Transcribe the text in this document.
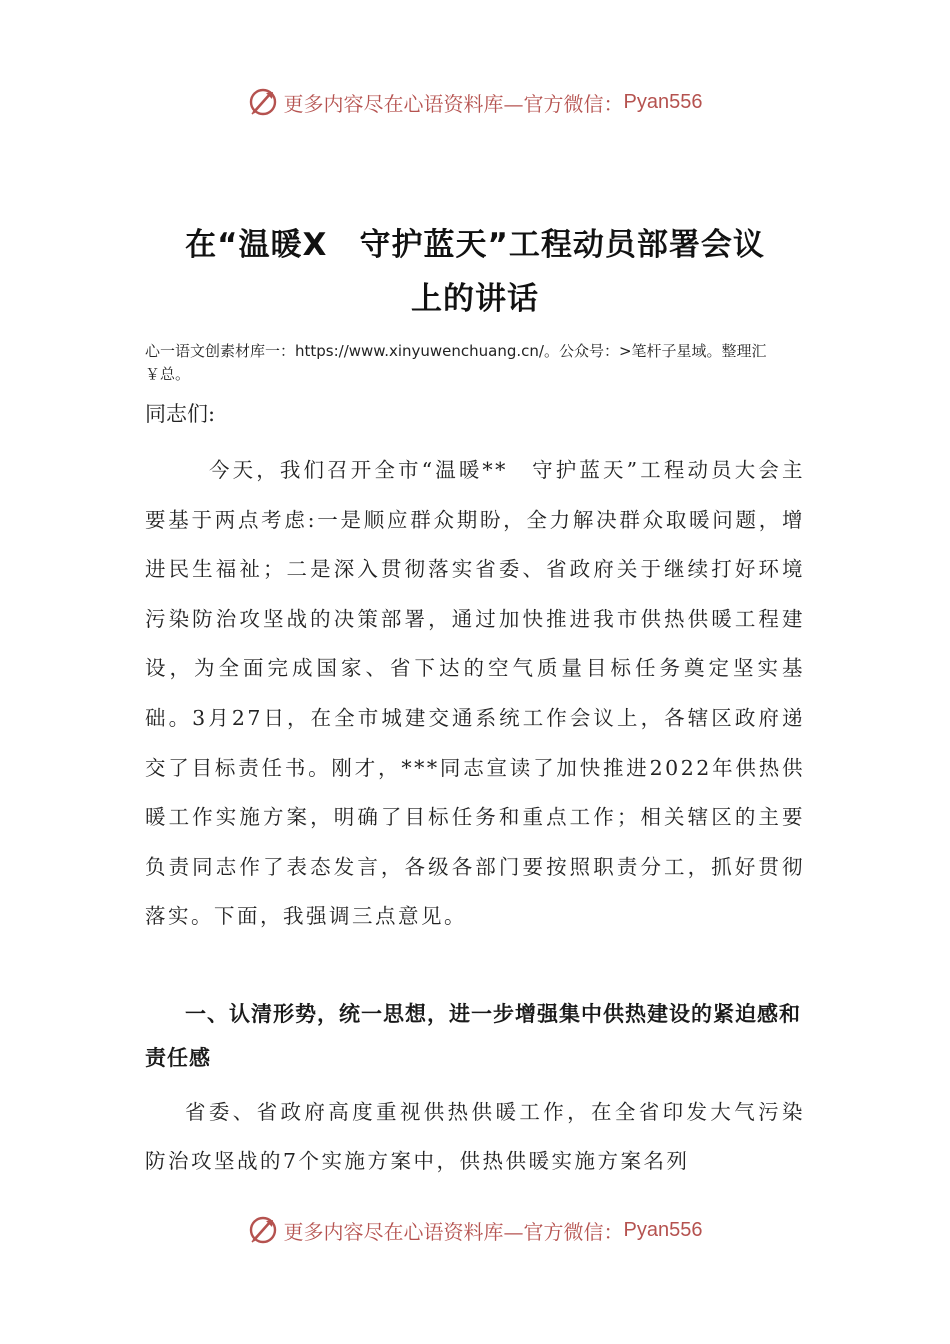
更多内容尽在心语资料库—官方微信： Pyan556
在“温暖X　守护蓝天”工程动员部署会议
上的讲话
心一语文创素材库一：https://www.xinyuwenchuang.cn/。公众号：>笔杆子星域。整理汇￥总。
同志们:

今天，我们召开全市“温暖**　守护蓝天”工程动员大会主要基于两点考虑:一是顺应群众期盼，全力解决群众取暖问题，增进民生福祉；二是深入贯彻落实省委、省政府关于继续打好环境污染防治攻坚战的决策部署，通过加快推进我市供热供暖工程建设，为全面完成国家、省下达的空气质量目标任务奠定坚实基础。3月27日，在全市城建交通系统工作会议上，各辖区政府递交了目标责任书。刚才，***同志宣读了加快推进2022年供热供暖工作实施方案，明确了目标任务和重点工作；相关辖区的主要负责同志作了表态发言，各级各部门要按照职责分工，抓好贯彻落实。下面，我强调三点意见。

一、认清形势，统一思想，进一步增强集中供热建设的紧迫感和责任感

省委、省政府高度重视供热供暖工作，在全省印发大气污染防治攻坚战的7个实施方案中，供热供暖实施方案名列

更多内容尽在心语资料库—官方微信： Pyan556
